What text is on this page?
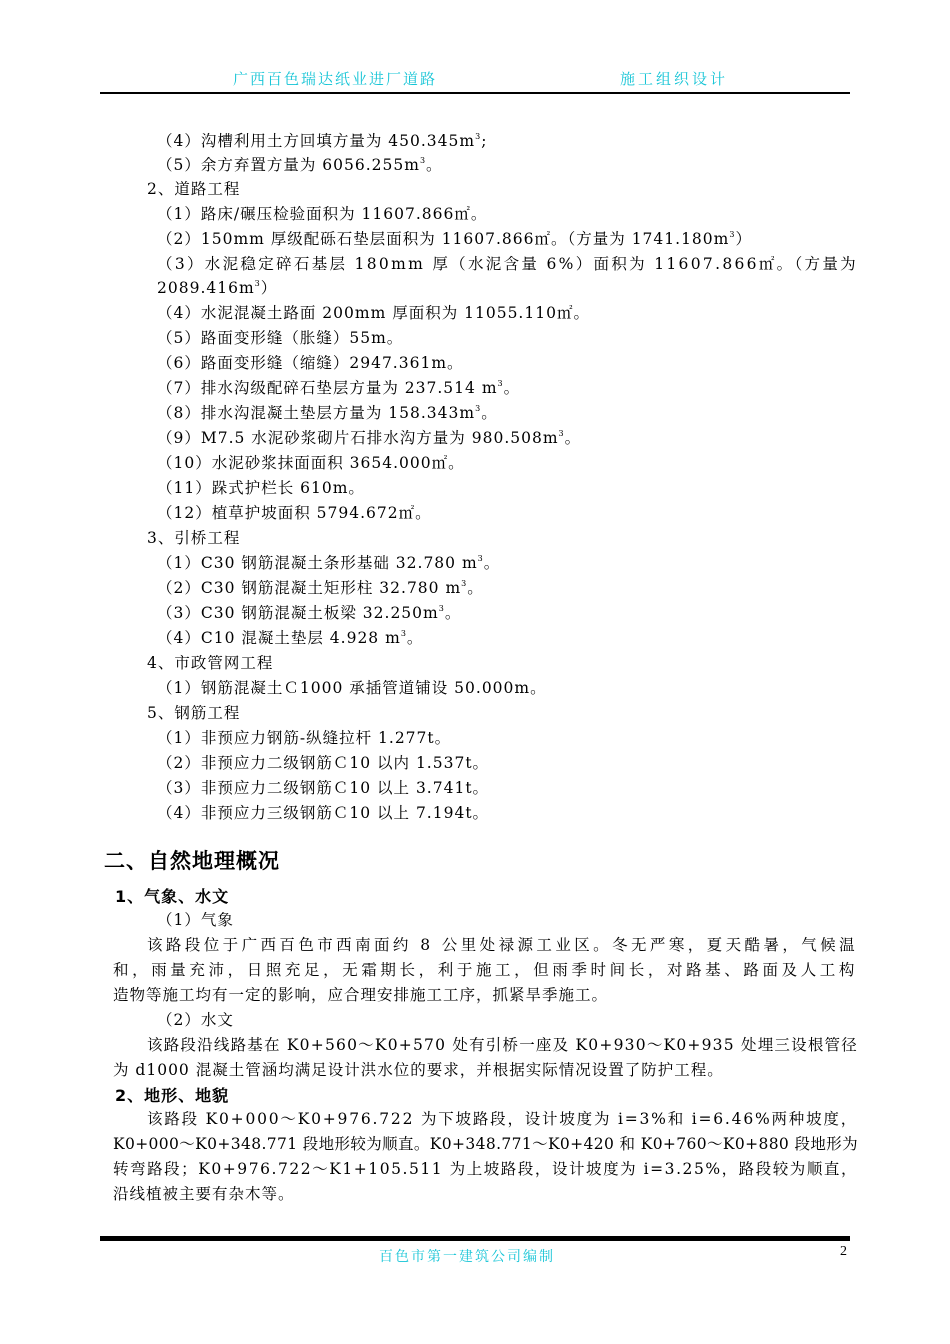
广西百色瑞达纸业进厂道路	施工组织设计
（4）沟槽利用土方回填方量为 $450.345m^3$;
（5）余方弃置方量为 $6056.255m^3$。
2、道路工程
（1）路床/碾压检验面积为 11607.866㎡。
（2）150mm 厚级配砾石垫层面积为 11607.866㎡。（方量为 $1741.180m^3$）
（3）水泥稳定碎石基层 180mm 厚（水泥含量 6%）面积为 11607.866㎡。（方量为
$2089.416m^3$）
（4）水泥混凝土路面 200mm 厚面积为 11055.110㎡。
（5）路面变形缝（胀缝）55m。
（6）路面变形缝（缩缝）2947.361m。
（7）排水沟级配碎石垫层方量为 237.514 $m^3$。
（8）排水沟混凝土垫层方量为 $158.343m^3$。
（9）M7.5 水泥砂浆砌片石排水沟方量为 $980.508m^3$。
（10）水泥砂浆抹面面积 3654.000㎡。
（11）跺式护栏长 610m。
（12）植草护坡面积 5794.672㎡。
3、引桥工程
（1）C30 钢筋混凝土条形基础 32.780 $m^3$。
（2）C30 钢筋混凝土矩形柱 32.780 $m^3$。
（3）C30 钢筋混凝土板梁 $32.250m^3$。
（4）C10 混凝土垫层 4.928 $m^3$。
4、市政管网工程
（1）钢筋混凝土Ｃ1000 承插管道铺设 50.000m。
5、钢筋工程
（1）非预应力钢筋-纵缝拉杆 1.277t。
（2）非预应力二级钢筋Ｃ10 以内 1.537t。
（3）非预应力二级钢筋Ｃ10 以上 3.741t。
（4）非预应力三级钢筋Ｃ10 以上 7.194t。
（1）气象
该路段位于广西百色市西南面约 8 公里处禄源工业区。冬无严寒，夏天酷暑，气候温
和，雨量充沛，日照充足，无霜期长，利于施工，但雨季时间长，对路基、路面及人工构
造物等施工均有一定的影响，应合理安排施工工序，抓紧旱季施工。
（2）水文
该路段沿线路基在 K0+560～K0+570 处有引桥一座及 K0+930～K0+935 处埋三设根管径
为 d1000 混凝土管涵均满足设计洪水位的要求，并根据实际情况设置了防护工程。
该路段 K0+000～K0+976.722 为下坡路段，设计坡度为 i=3%和 i=6.46%两种坡度，
K0+000～K0+348.771 段地形较为顺直。K0+348.771～K0+420 和 K0+760～K0+880 段地形为
转弯路段；K0+976.722～K1+105.511 为上坡路段，设计坡度为 i=3.25%，路段较为顺直，
沿线植被主要有杂木等。
二、自然地理概况
1、气象、水文
2、地形、地貌
百色市第一建筑公司编制	2
